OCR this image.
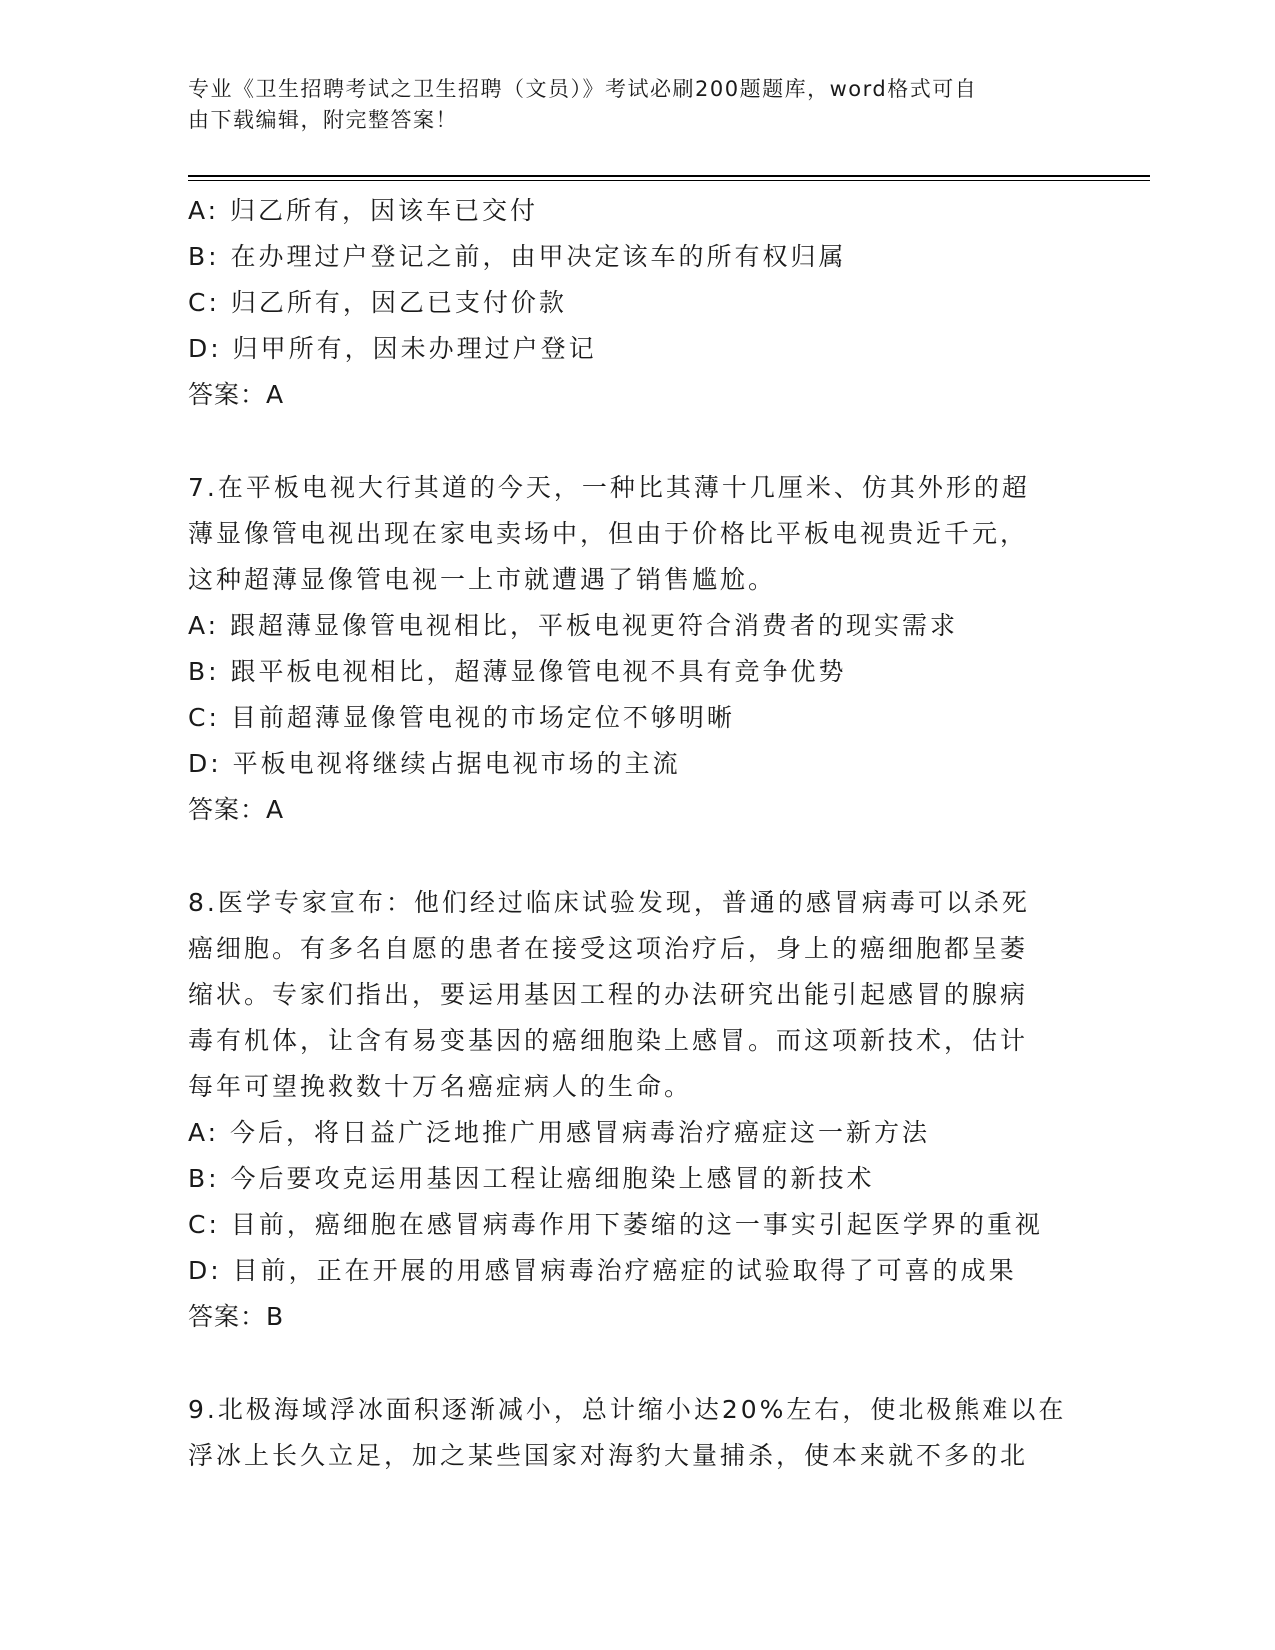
专业《卫生招聘考试之卫生招聘（文员）》考试必刷200题题库，word格式可自
由下载编辑，附完整答案！
A: 归乙所有，因该车已交付
B: 在办理过户登记之前，由甲决定该车的所有权归属
C: 归乙所有，因乙已支付价款
D: 归甲所有，因未办理过户登记
答案：A
7.在平板电视大行其道的今天，一种比其薄十几厘米、仿其外形的超
薄显像管电视出现在家电卖场中，但由于价格比平板电视贵近千元，
这种超薄显像管电视一上市就遭遇了销售尴尬。
A: 跟超薄显像管电视相比，平板电视更符合消费者的现实需求
B: 跟平板电视相比，超薄显像管电视不具有竞争优势
C: 目前超薄显像管电视的市场定位不够明晰
D: 平板电视将继续占据电视市场的主流
答案：A
8.医学专家宣布：他们经过临床试验发现，普通的感冒病毒可以杀死
癌细胞。有多名自愿的患者在接受这项治疗后，身上的癌细胞都呈萎
缩状。专家们指出，要运用基因工程的办法研究出能引起感冒的腺病
毒有机体，让含有易变基因的癌细胞染上感冒。而这项新技术，估计
每年可望挽救数十万名癌症病人的生命。
A: 今后，将日益广泛地推广用感冒病毒治疗癌症这一新方法
B: 今后要攻克运用基因工程让癌细胞染上感冒的新技术
C: 目前，癌细胞在感冒病毒作用下萎缩的这一事实引起医学界的重视
D: 目前，正在开展的用感冒病毒治疗癌症的试验取得了可喜的成果
答案：B
9.北极海域浮冰面积逐渐减小，总计缩小达20%左右，使北极熊难以在
浮冰上长久立足，加之某些国家对海豹大量捕杀，使本来就不多的北
